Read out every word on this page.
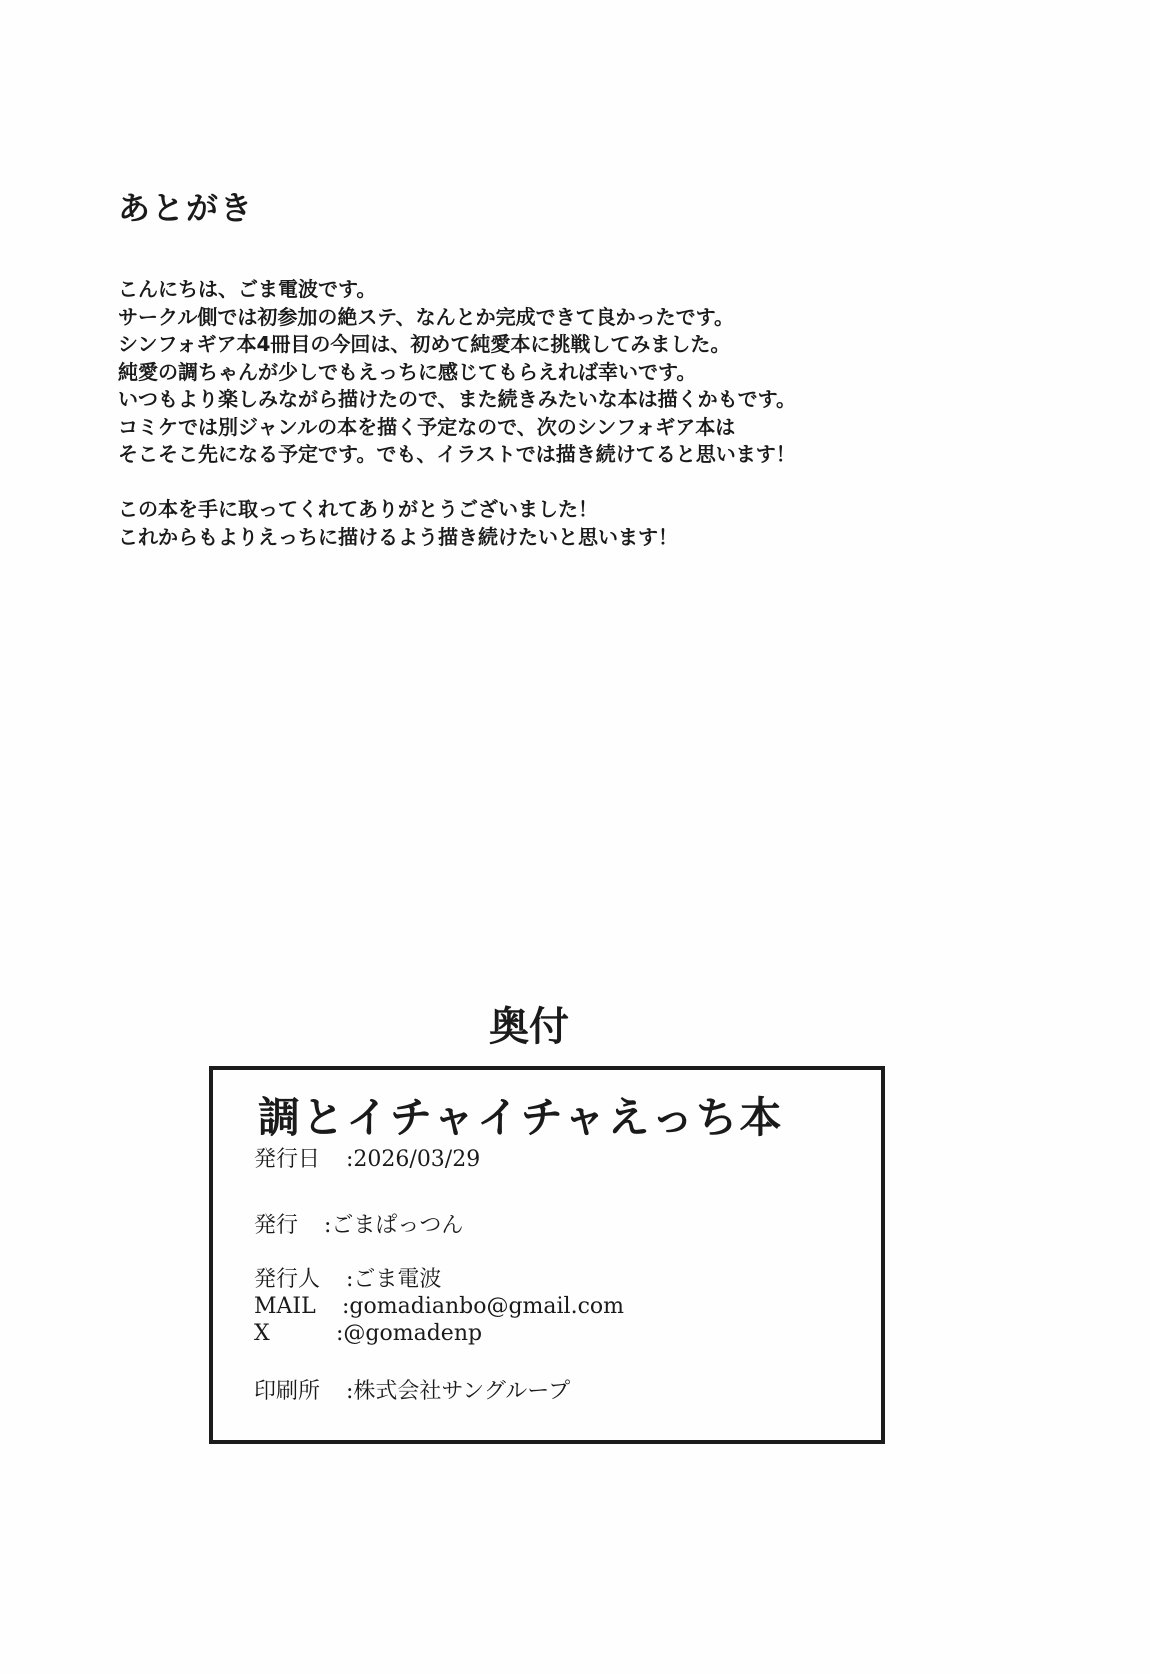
あとがき

こんにちは、ごま電波です。

サークル側では初参加の絶ステ、なんとか完成できて良かったです。

シンフォギア本4冊目の今回は、初めて純愛本に挑戦してみました。

純愛の調ちゃんが少しでもえっちに感じてもらえれば幸いです。

いつもより楽しみながら描けたので、また続きみたいな本は描くかもです。

コミケでは別ジャンルの本を描く予定なので、次のシンフォギア本は

そこそこ先になる予定です。でも、イラストでは描き続けてると思います！

この本を手に取ってくれてありがとうございました！

これからもよりえっちに描けるよう描き続けたいと思います！

奥付
調とイチャイチャえっち本
発行日	:2026/03/29
発行	:ごまぱっつん
発行人	:ごま電波
MAIL	:gomadianbo@gmail.com
X	:@gomadenp
印刷所	:株式会社サングループ
